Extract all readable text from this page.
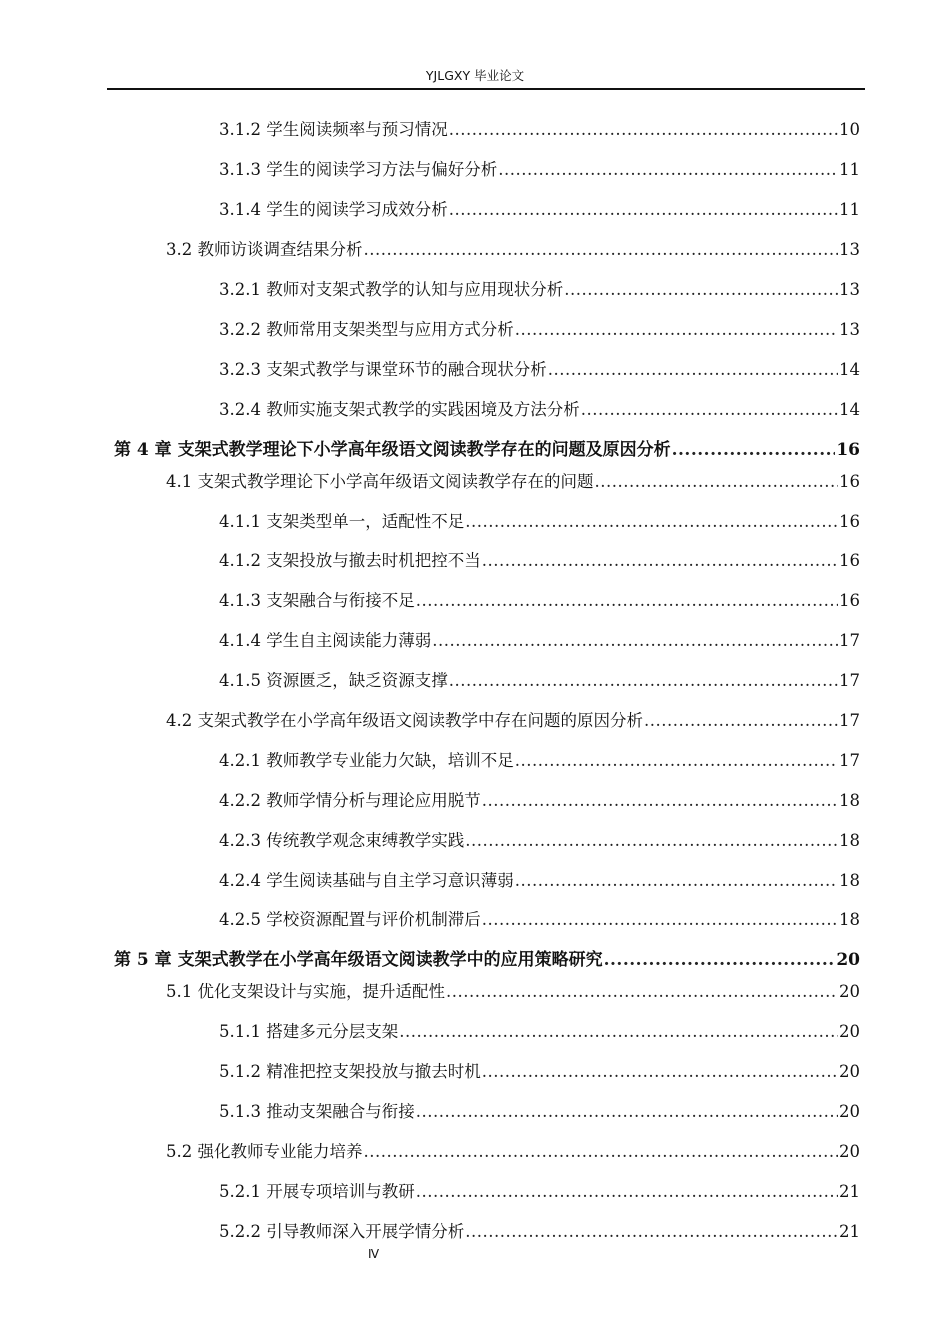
YJLGXY 毕业论文
3.1.2 学生阅读频率与预习情况 .....	10
3.1.3 学生的阅读学习方法与偏好分析 .....	11
3.1.4 学生的阅读学习成效分析 .....	11
3.2 教师访谈调查结果分析 .....	13
3.2.1 教师对支架式教学的认知与应用现状分析 .....	13
3.2.2 教师常用支架类型与应用方式分析 .....	13
3.2.3 支架式教学与课堂环节的融合现状分析 .....	14
3.2.4 教师实施支架式教学的实践困境及方法分析 .....	14
第 4 章 支架式教学理论下小学高年级语文阅读教学存在的问题及原因分析 .....	16
4.1 支架式教学理论下小学高年级语文阅读教学存在的问题 .....	16
4.1.1 支架类型单一，适配性不足 .....	16
4.1.2 支架投放与撤去时机把控不当 .....	16
4.1.3 支架融合与衔接不足 .....	16
4.1.4 学生自主阅读能力薄弱 .....	17
4.1.5 资源匮乏，缺乏资源支撑 .....	17
4.2 支架式教学在小学高年级语文阅读教学中存在问题的原因分析 .....	17
4.2.1 教师教学专业能力欠缺，培训不足 .....	17
4.2.2 教师学情分析与理论应用脱节 .....	18
4.2.3 传统教学观念束缚教学实践 .....	18
4.2.4 学生阅读基础与自主学习意识薄弱 .....	18
4.2.5 学校资源配置与评价机制滞后 .....	18
第 5 章 支架式教学在小学高年级语文阅读教学中的应用策略研究 .....	20
5.1 优化支架设计与实施，提升适配性 .....	20
5.1.1 搭建多元分层支架 .....	20
5.1.2 精准把控支架投放与撤去时机 .....	20
5.1.3 推动支架融合与衔接 .....	20
5.2 强化教师专业能力培养 .....	20
5.2.1 开展专项培训与教研 .....	21
5.2.2 引导教师深入开展学情分析 .....	21
Ⅳ
